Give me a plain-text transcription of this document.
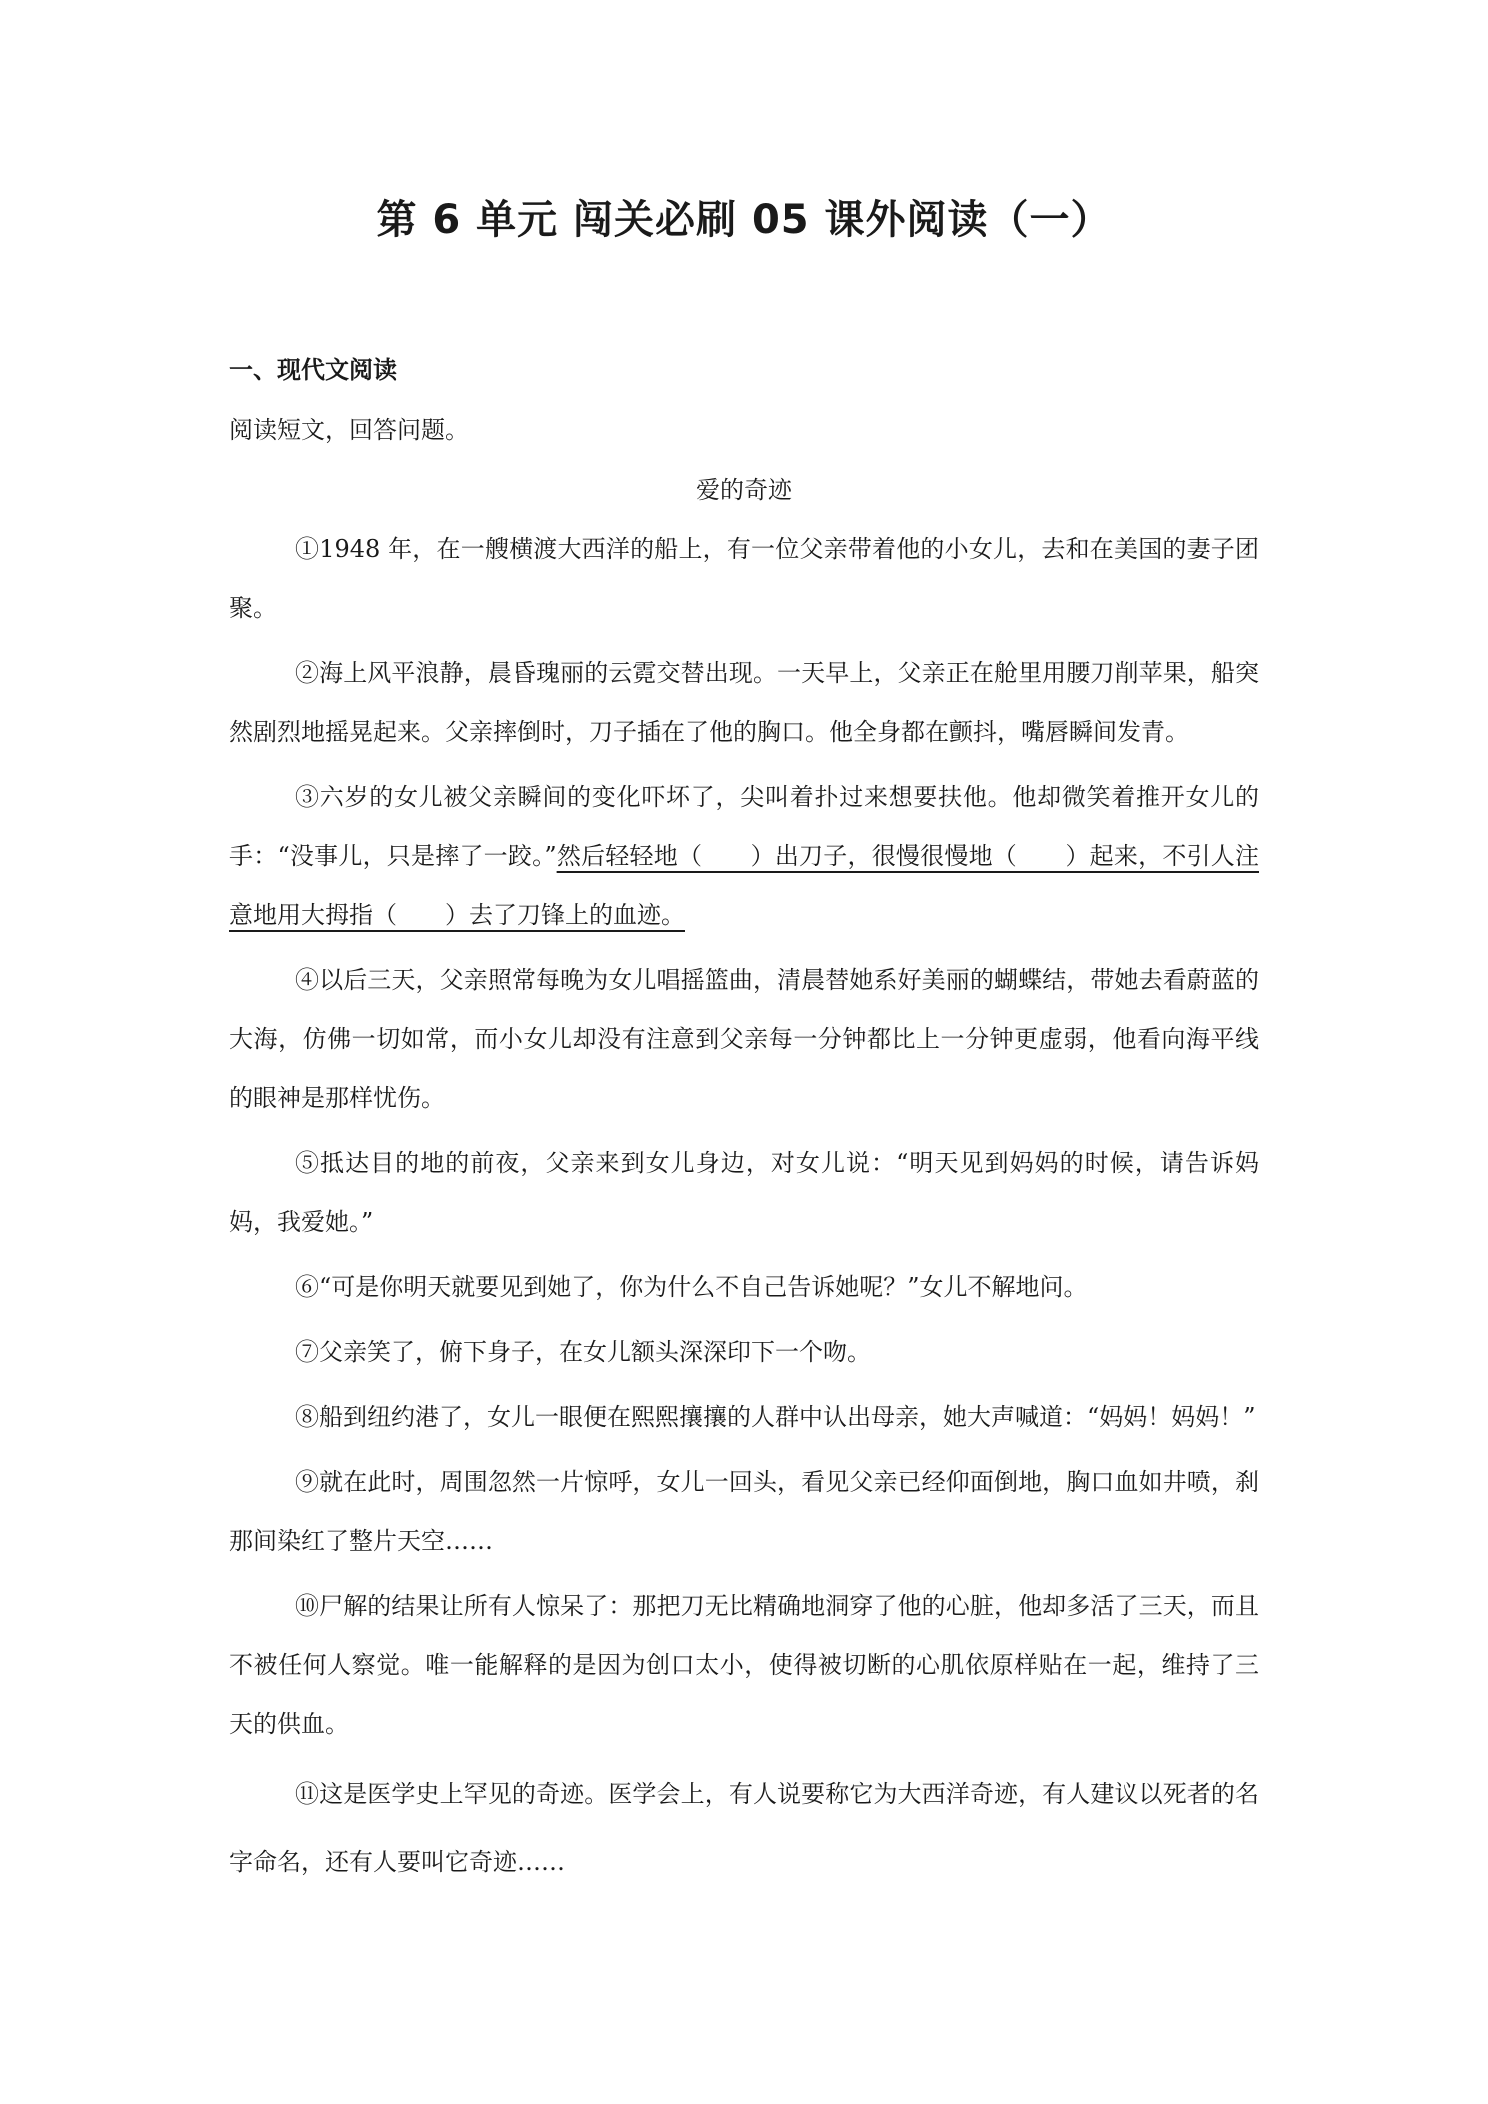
第 6 单元 闯关必刷 05 课外阅读（一）
一、现代文阅读

阅读短文，回答问题。

爱的奇迹

①1948 年，在一艘横渡大西洋的船上，有一位父亲带着他的小女儿，去和在美国的妻子团聚。

②海上风平浪静，晨昏瑰丽的云霓交替出现。一天早上，父亲正在舱里用腰刀削苹果，船突然剧烈地摇晃起来。父亲摔倒时，刀子插在了他的胸口。他全身都在颤抖，嘴唇瞬间发青。

③六岁的女儿被父亲瞬间的变化吓坏了，尖叫着扑过来想要扶他。他却微笑着推开女儿的手：“没事儿，只是摔了一跤。”然后轻轻地（　　）出刀子，很慢很慢地（　　）起来，不引人注意地用大拇指（　　）去了刀锋上的血迹。

④以后三天，父亲照常每晚为女儿唱摇篮曲，清晨替她系好美丽的蝴蝶结，带她去看蔚蓝的大海，仿佛一切如常，而小女儿却没有注意到父亲每一分钟都比上一分钟更虚弱，他看向海平线的眼神是那样忧伤。

⑤抵达目的地的前夜，父亲来到女儿身边，对女儿说：“明天见到妈妈的时候，请告诉妈妈，我爱她。”

⑥“可是你明天就要见到她了，你为什么不自己告诉她呢？”女儿不解地问。

⑦父亲笑了，俯下身子，在女儿额头深深印下一个吻。

⑧船到纽约港了，女儿一眼便在熙熙攘攘的人群中认出母亲，她大声喊道：“妈妈！妈妈！”

⑨就在此时，周围忽然一片惊呼，女儿一回头，看见父亲已经仰面倒地，胸口血如井喷，刹那间染红了整片天空……

⑩尸解的结果让所有人惊呆了：那把刀无比精确地洞穿了他的心脏，他却多活了三天，而且不被任何人察觉。唯一能解释的是因为创口太小，使得被切断的心肌依原样贴在一起，维持了三天的供血。

⑪这是医学史上罕见的奇迹。医学会上，有人说要称它为大西洋奇迹，有人建议以死者的名字命名，还有人要叫它奇迹……
